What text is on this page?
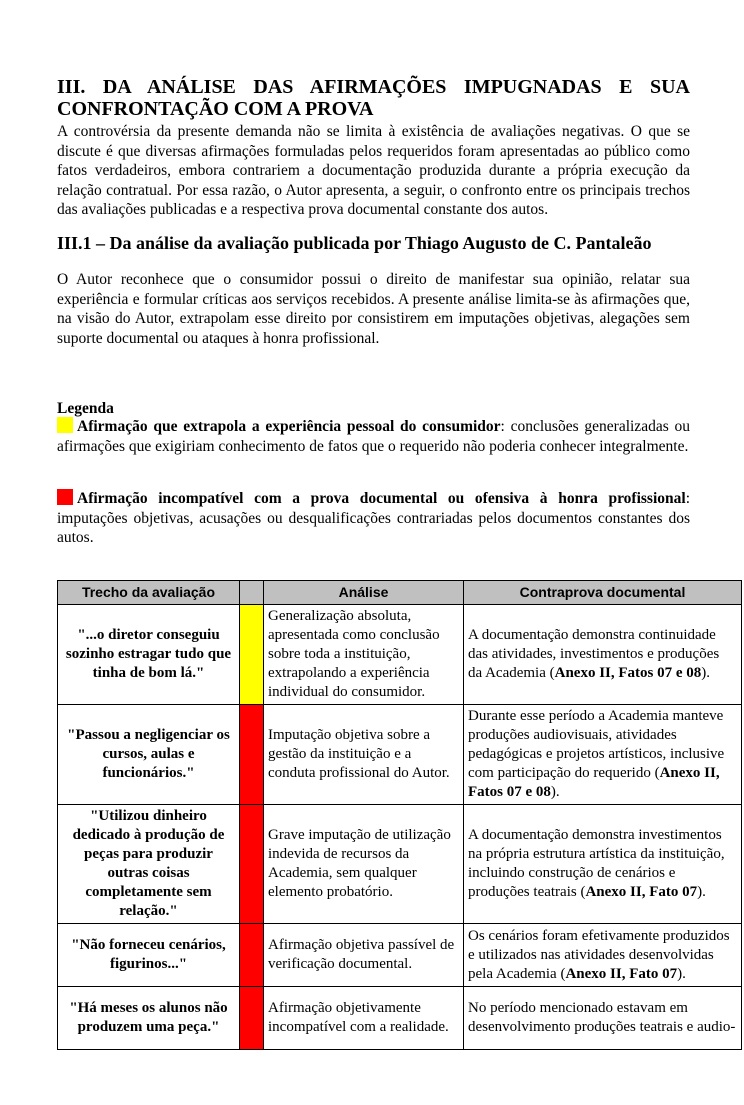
III. DA ANÁLISE DAS AFIRMAÇÕES IMPUGNADAS E SUA
CONFRONTAÇÃO COM A PROVA

A controvérsia da presente demanda não se limita à existência de avaliações negativas. O que se discute é que diversas afirmações formuladas pelos requeridos foram apresentadas ao público como fatos verdadeiros, embora contrariem a documentação produzida durante a própria execução da relação contratual. Por essa razão, o Autor apresenta, a seguir, o confronto entre os principais trechos das avaliações publicadas e a respectiva prova documental constante dos autos.

III.1 – Da análise da avaliação publicada por Thiago Augusto de C. Pantaleão

O Autor reconhece que o consumidor possui o direito de manifestar sua opinião, relatar sua experiência e formular críticas aos serviços recebidos. A presente análise limita-se às afirmações que, na visão do Autor, extrapolam esse direito por consistirem em imputações objetivas, alegações sem suporte documental ou ataques à honra profissional.

Legenda

Afirmação que extrapola a experiência pessoal do consumidor: conclusões generalizadas ou afirmações que exigiriam conhecimento de fatos que o requerido não poderia conhecer integralmente.

Afirmação incompatível com a prova documental ou ofensiva à honra profissional: imputações objetivas, acusações ou desqualificações contrariadas pelos documentos constantes dos autos.

Trecho da avaliação		Análise	Contraprova documental
"...o diretor conseguiu sozinho estragar tudo que tinha de bom lá."		Generalização absoluta, apresentada como conclusão sobre toda a instituição, extrapolando a experiência individual do consumidor.	A documentação demonstra continuidade das atividades, investimentos e produções da Academia (Anexo II, Fatos 07 e 08).
"Passou a negligenciar os cursos, aulas e funcionários."		Imputação objetiva sobre a gestão da instituição e a conduta profissional do Autor.	Durante esse período a Academia manteve produções audiovisuais, atividades pedagógicas e projetos artísticos, inclusive com participação do requerido (Anexo II, Fatos 07 e 08).
"Utilizou dinheiro dedicado à produção de peças para produzir outras coisas completamente sem relação."		Grave imputação de utilização indevida de recursos da Academia, sem qualquer elemento probatório.	A documentação demonstra investimentos na própria estrutura artística da instituição, incluindo construção de cenários e produções teatrais (Anexo II, Fato 07).
"Não forneceu cenários, figurinos..."		Afirmação objetiva passível de verificação documental.	Os cenários foram efetivamente produzidos e utilizados nas atividades desenvolvidas pela Academia (Anexo II, Fato 07).
"Há meses os alunos não produzem uma peça."		Afirmação objetivamente incompatível com a realidade.	No período mencionado estavam em desenvolvimento produções teatrais e audio-
